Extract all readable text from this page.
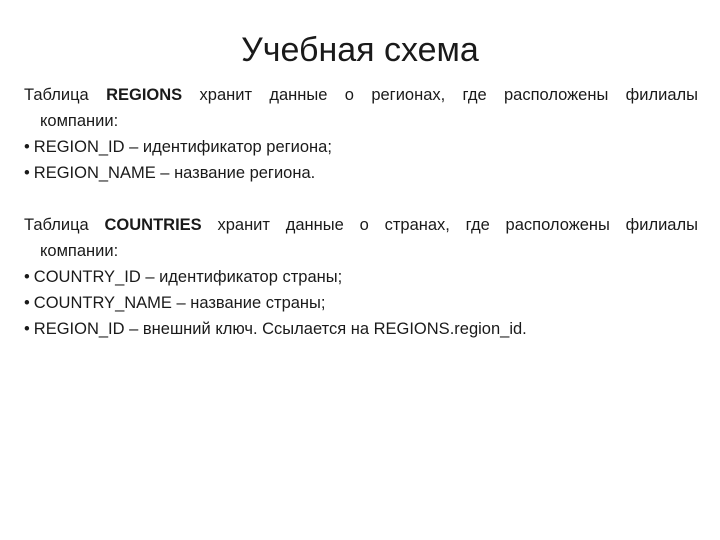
Учебная схема

Таблица REGIONS хранит данные о регионах, где расположены филиалы

компании:

• REGION_ID – идентификатор региона;

• REGION_NAME – название региона.

Таблица COUNTRIES хранит данные о странах, где расположены филиалы

компании:

• COUNTRY_ID – идентификатор страны;

• COUNTRY_NAME – название страны;

• REGION_ID – внешний ключ. Ссылается на REGIONS.region_id.
